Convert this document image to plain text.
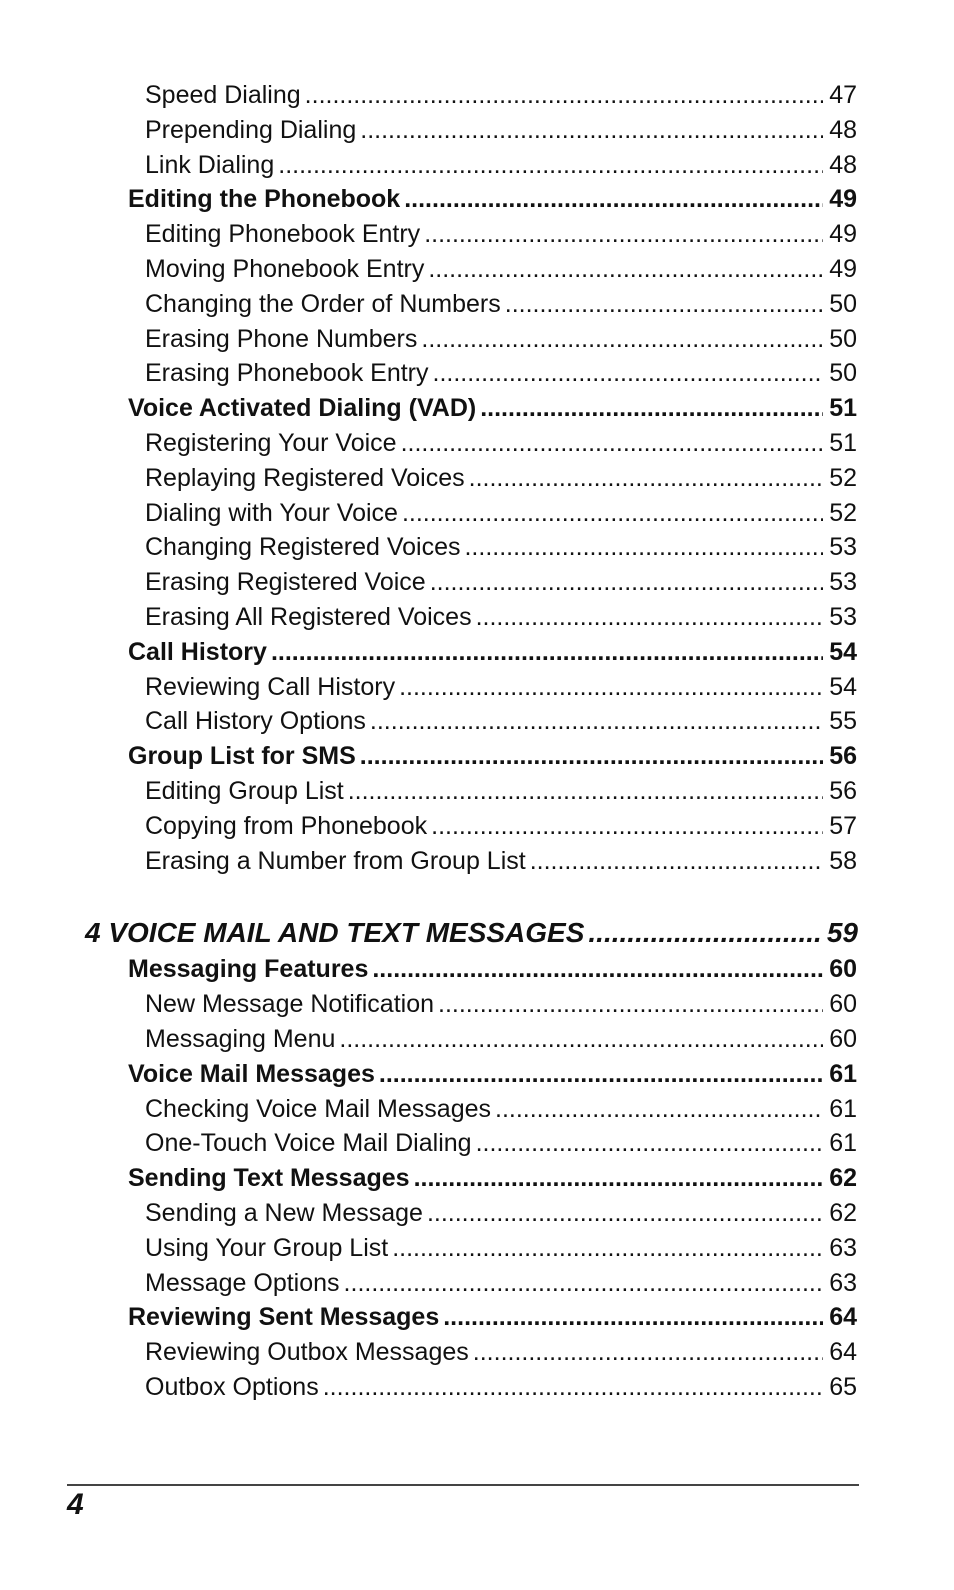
Speed Dialing .....	47
Prepending Dialing .....	48
Link Dialing .....	48
Editing the Phonebook .....	49
Editing Phonebook Entry .....	49
Moving Phonebook Entry .....	49
Changing the Order of Numbers .....	50
Erasing Phone Numbers .....	50
Erasing Phonebook Entry .....	50
Voice Activated Dialing (VAD) .....	51
Registering Your Voice .....	51
Replaying Registered Voices .....	52
Dialing with Your Voice .....	52
Changing Registered Voices .....	53
Erasing Registered Voice .....	53
Erasing All Registered Voices .....	53
Call History .....	54
Reviewing Call History .....	54
Call History Options .....	55
Group List for SMS .....	56
Editing Group List .....	56
Copying from Phonebook .....	57
Erasing a Number from Group List .....	58
4 VOICE MAIL AND TEXT MESSAGES .....	59
Messaging Features .....	60
New Message Notification .....	60
Messaging Menu .....	60
Voice Mail Messages .....	61
Checking Voice Mail Messages .....	61
One-Touch Voice Mail Dialing .....	61
Sending Text Messages .....	62
Sending a New Message .....	62
Using Your Group List .....	63
Message Options .....	63
Reviewing Sent Messages .....	64
Reviewing Outbox Messages .....	64
Outbox Options .....	65
4
